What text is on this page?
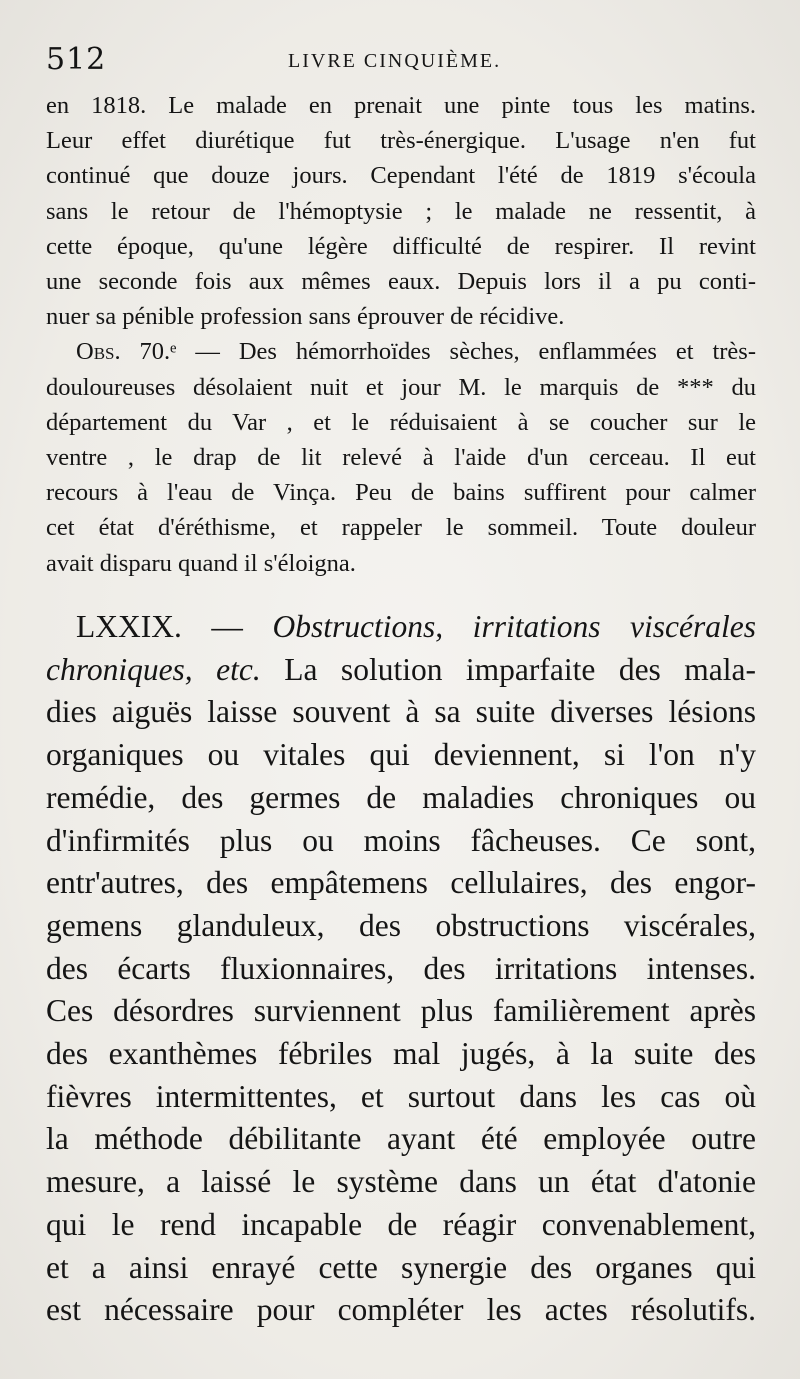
512	LIVRE CINQUIÈME.
en 1818. Le malade en prenait une pinte tous les matins.
Leur effet diurétique fut très-énergique. L'usage n'en fut
continué que douze jours. Cependant l'été de 1819 s'écoula
sans le retour de l'hémoptysie ; le malade ne ressentit, à
cette époque, qu'une légère difficulté de respirer. Il revint
une seconde fois aux mêmes eaux. Depuis lors il a pu conti-
nuer sa pénible profession sans éprouver de récidive.
Obs. 70.ᵉ — Des hémorrhoïdes sèches, enflammées et très-
douloureuses désolaient nuit et jour M. le marquis de *** du
département du Var , et le réduisaient à se coucher sur le
ventre , le drap de lit relevé à l'aide d'un cerceau. Il eut
recours à l'eau de Vinça. Peu de bains suffirent pour calmer
cet état d'éréthisme, et rappeler le sommeil. Toute douleur
avait disparu quand il s'éloigna.
LXXIX. — Obstructions, irritations viscérales
chroniques, etc. La solution imparfaite des mala-
dies aiguës laisse souvent à sa suite diverses lésions
organiques ou vitales qui deviennent, si l'on n'y
remédie, des germes de maladies chroniques ou
d'infirmités plus ou moins fâcheuses. Ce sont,
entr'autres, des empâtemens cellulaires, des engor-
gemens glanduleux, des obstructions viscérales,
des écarts fluxionnaires, des irritations intenses.
Ces désordres surviennent plus familièrement après
des exanthèmes fébriles mal jugés, à la suite des
fièvres intermittentes, et surtout dans les cas où
la méthode débilitante ayant été employée outre
mesure, a laissé le système dans un état d'atonie
qui le rend incapable de réagir convenablement,
et a ainsi enrayé cette synergie des organes qui
est nécessaire pour compléter les actes résolutifs.
